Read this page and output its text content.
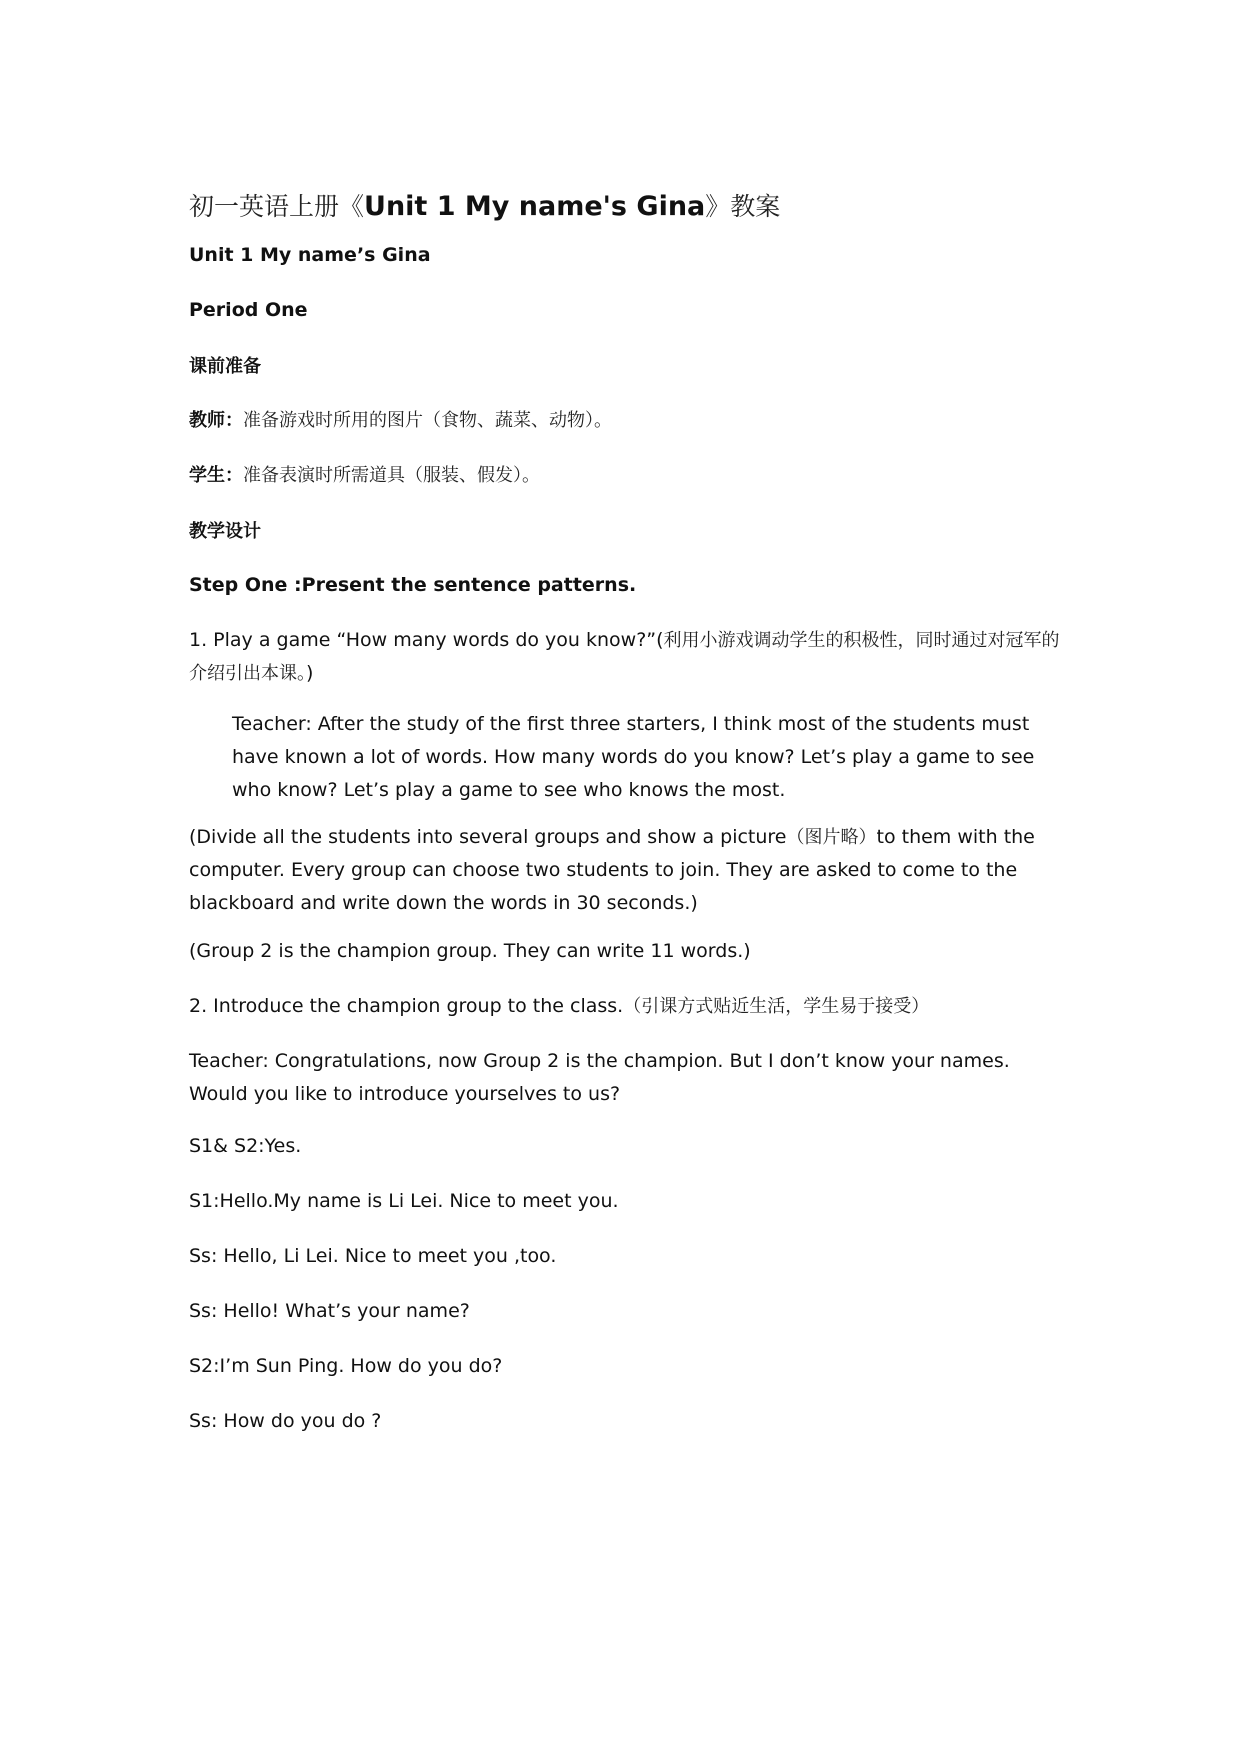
初一英语上册《Unit 1 My name's Gina》教案

Unit 1 My name’s Gina

Period One

课前准备

教师：准备游戏时所用的图片（食物、蔬菜、动物）。

学生：准备表演时所需道具（服装、假发）。

教学设计

Step One :Present the sentence patterns.

1. Play a game “How many words do you know?”(利用小游戏调动学生的积极性，同时通过对冠军的介绍引出本课。)

Teacher: After the study of the first three starters, I think most of the students must have known a lot of words. How many words do you know? Let’s play a game to see who know? Let’s play a game to see who knows the most.

(Divide all the students into several groups and show a picture（图片略）to them with the computer. Every group can choose two students to join. They are asked to come to the blackboard and write down the words in 30 seconds.)

(Group 2 is the champion group. They can write 11 words.)

2. Introduce the champion group to the class.（引课方式贴近生活，学生易于接受）

Teacher: Congratulations, now Group 2 is the champion. But I don’t know your names. Would you like to introduce yourselves to us?

S1& S2:Yes.

S1:Hello.My name is Li Lei. Nice to meet you.

Ss: Hello, Li Lei. Nice to meet you ,too.

Ss: Hello! What’s your name?

S2:I’m Sun Ping. How do you do?

Ss: How do you do ?
